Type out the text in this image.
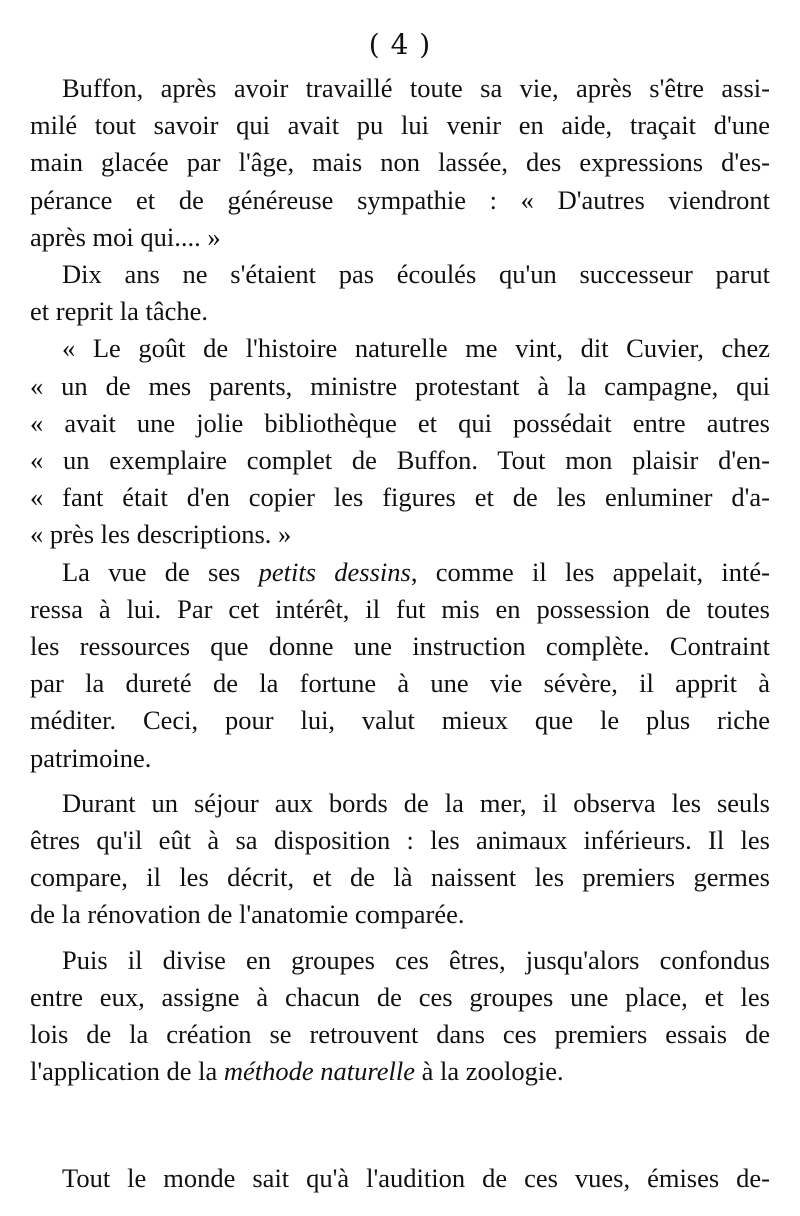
( 4 )
Buffon, après avoir travaillé toute sa vie, après s'être assi-
milé tout savoir qui avait pu lui venir en aide, traçait d'une
main glacée par l'âge, mais non lassée, des expressions d'es-
pérance et de généreuse sympathie : « D'autres viendront
après moi qui.... »
Dix ans ne s'étaient pas écoulés qu'un successeur parut
et reprit la tâche.
« Le goût de l'histoire naturelle me vint, dit Cuvier, chez
« un de mes parents, ministre protestant à la campagne, qui
« avait une jolie bibliothèque et qui possédait entre autres
« un exemplaire complet de Buffon. Tout mon plaisir d'en-
« fant était d'en copier les figures et de les enluminer d'a-
« près les descriptions. »
La vue de ses petits dessins, comme il les appelait, inté-
ressa à lui. Par cet intérêt, il fut mis en possession de toutes
les ressources que donne une instruction complète. Contraint
par la dureté de la fortune à une vie sévère, il apprit à
méditer. Ceci, pour lui, valut mieux que le plus riche
patrimoine.
Durant un séjour aux bords de la mer, il observa les seuls
êtres qu'il eût à sa disposition : les animaux inférieurs. Il les
compare, il les décrit, et de là naissent les premiers germes
de la rénovation de l'anatomie comparée.
Puis il divise en groupes ces êtres, jusqu'alors confondus
entre eux, assigne à chacun de ces groupes une place, et les
lois de la création se retrouvent dans ces premiers essais de
l'application de la méthode naturelle à la zoologie.
Tout le monde sait qu'à l'audition de ces vues, émises de-
